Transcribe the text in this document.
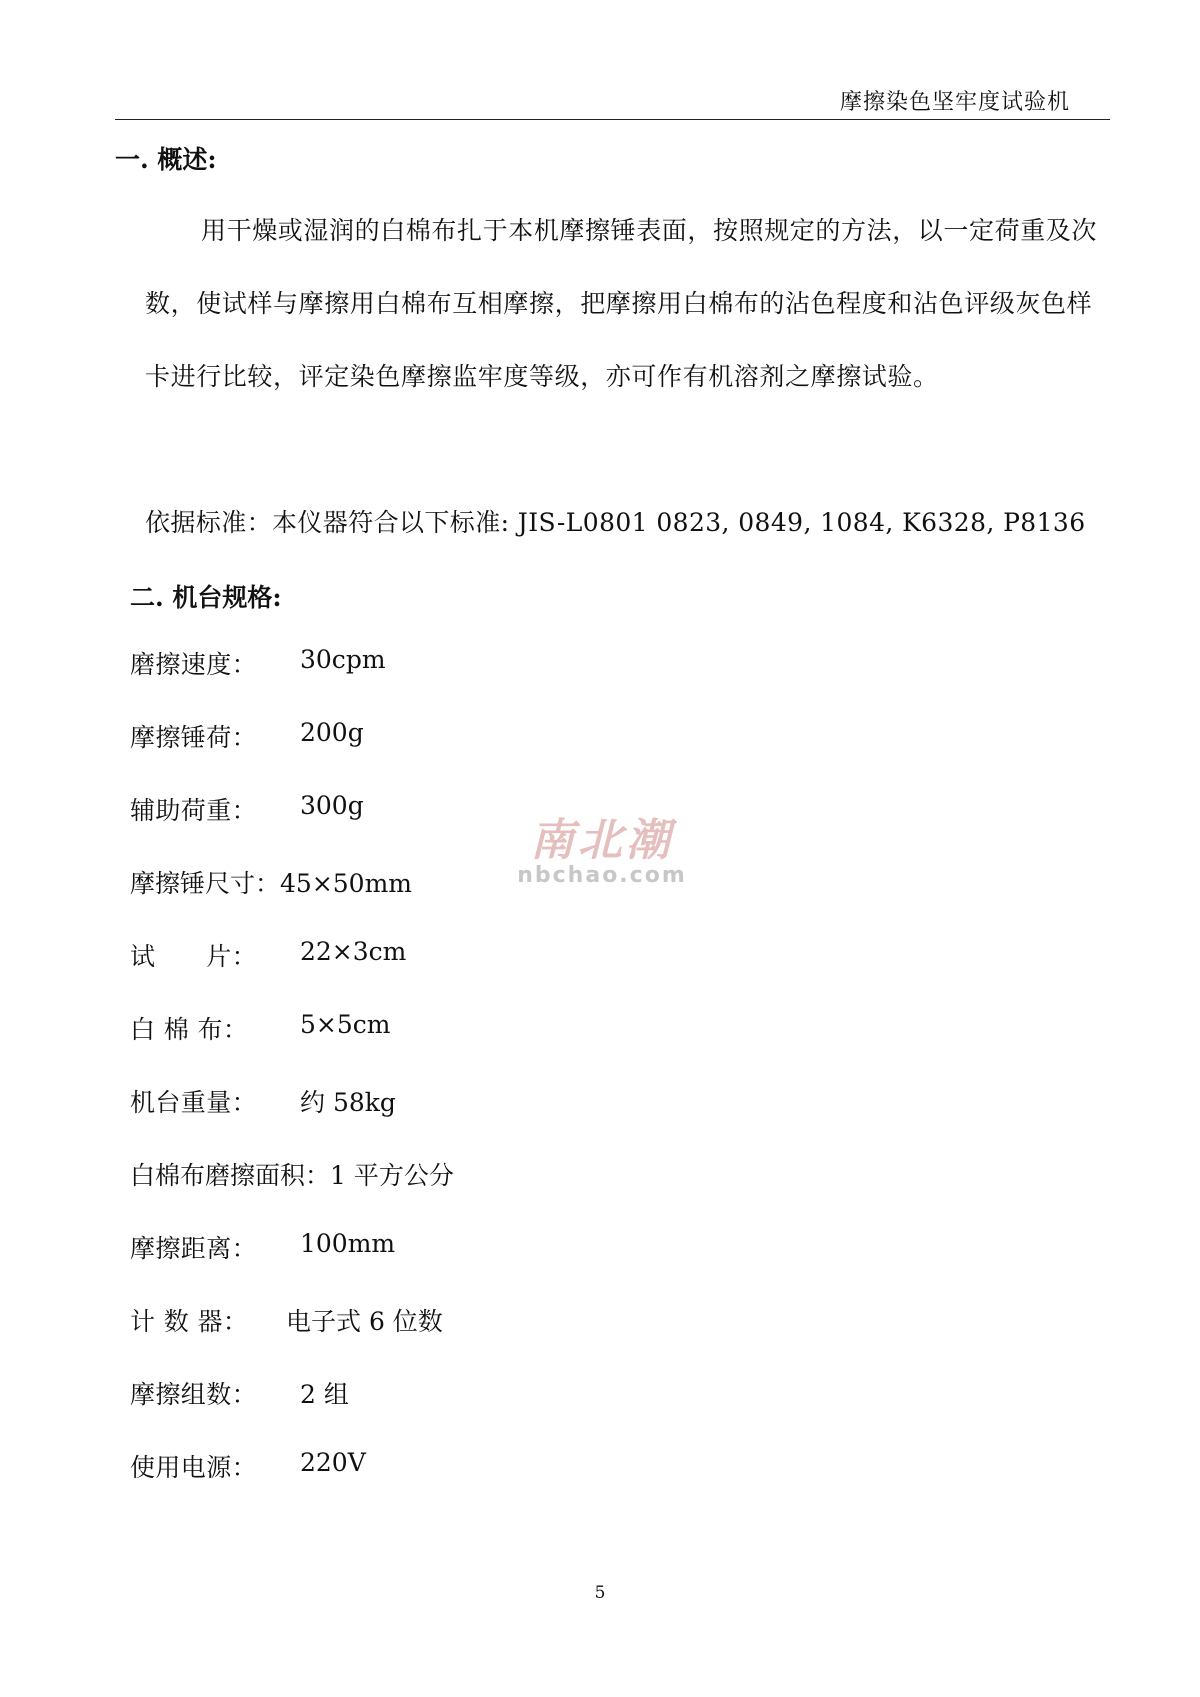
摩擦染色坚牢度试验机
一. 概述:

用干燥或湿润的白棉布扎于本机摩擦锤表面，按照规定的方法，以一定荷重及次数，使试样与摩擦用白棉布互相摩擦，把摩擦用白棉布的沾色程度和沾色评级灰色样卡进行比较，评定染色摩擦监牢度等级，亦可作有机溶剂之摩擦试验。

依据标准：本仪器符合以下标准: JIS-L0801 0823, 0849, 1084, K6328, P8136
二. 机台规格:
磨擦速度： 30cpm
摩擦锤荷： 200g
辅助荷重： 300g
摩擦锤尺寸：45×50mm
试　　片： 22×3cm
白 棉 布： 5×5cm
机台重量： 约 58kg
白棉布磨擦面积：1 平方公分
摩擦距离： 100mm
计 数 器： 电子式 6 位数
摩擦组数： 2 组
使用电源： 220V
南北潮
nbchao.com
5
